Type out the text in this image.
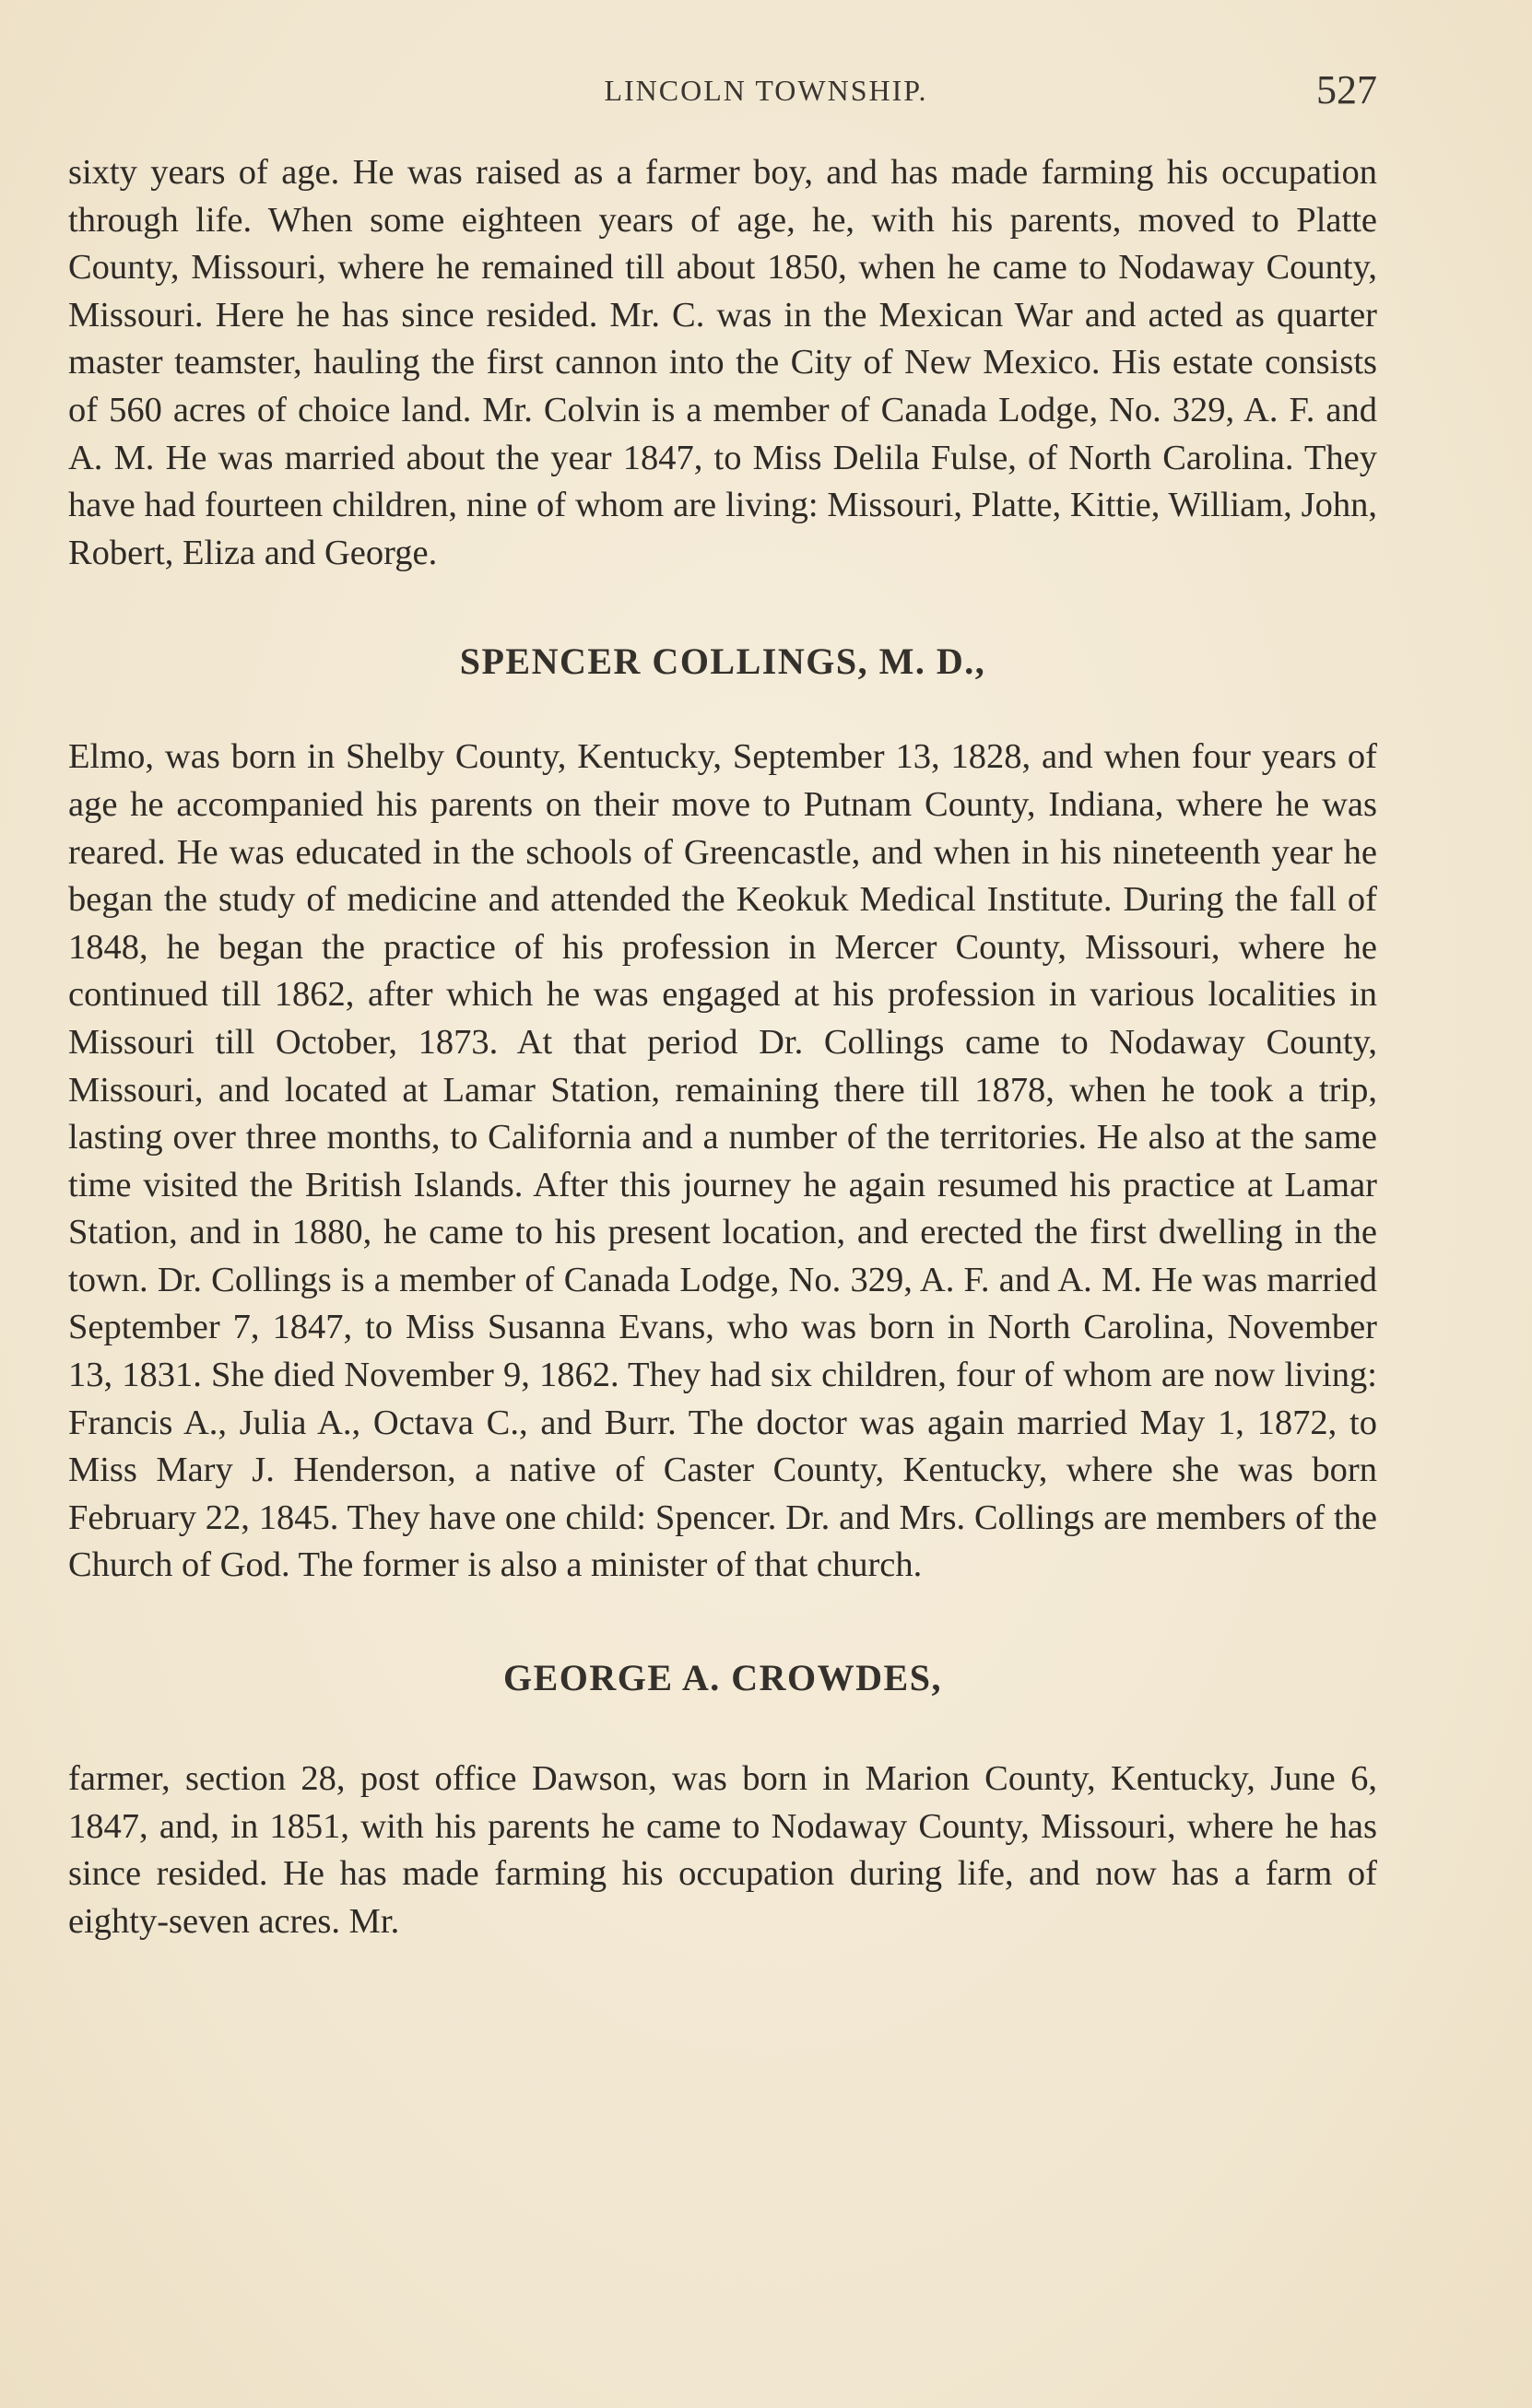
LINCOLN TOWNSHIP.	527

sixty years of age. He was raised as a farmer boy, and has made farming his occupation through life. When some eighteen years of age, he, with his parents, moved to Platte County, Missouri, where he remained till about 1850, when he came to Nodaway County, Missouri. Here he has since resided. Mr. C. was in the Mexican War and acted as quarter master teamster, hauling the first cannon into the City of New Mexico. His estate consists of 560 acres of choice land. Mr. Colvin is a member of Canada Lodge, No. 329, A. F. and A. M. He was married about the year 1847, to Miss Delila Fulse, of North Carolina. They have had fourteen children, nine of whom are living: Missouri, Platte, Kittie, William, John, Robert, Eliza and George.

SPENCER COLLINGS, M. D.,

Elmo, was born in Shelby County, Kentucky, September 13, 1828, and when four years of age he accompanied his parents on their move to Putnam County, Indiana, where he was reared. He was educated in the schools of Greencastle, and when in his nineteenth year he began the study of medicine and attended the Keokuk Medical Institute. During the fall of 1848, he began the practice of his profession in Mercer County, Missouri, where he continued till 1862, after which he was engaged at his profession in various localities in Missouri till October, 1873. At that period Dr. Collings came to Nodaway County, Missouri, and located at Lamar Station, remaining there till 1878, when he took a trip, lasting over three months, to California and a number of the territories. He also at the same time visited the British Islands. After this journey he again resumed his practice at Lamar Station, and in 1880, he came to his present location, and erected the first dwelling in the town. Dr. Collings is a member of Canada Lodge, No. 329, A. F. and A. M. He was married September 7, 1847, to Miss Susanna Evans, who was born in North Carolina, November 13, 1831. She died November 9, 1862. They had six children, four of whom are now living: Francis A., Julia A., Octava C., and Burr. The doctor was again married May 1, 1872, to Miss Mary J. Henderson, a native of Caster County, Kentucky, where she was born February 22, 1845. They have one child: Spencer. Dr. and Mrs. Collings are members of the Church of God. The former is also a minister of that church.

GEORGE A. CROWDES,

farmer, section 28, post office Dawson, was born in Marion County, Kentucky, June 6, 1847, and, in 1851, with his parents he came to Nodaway County, Missouri, where he has since resided. He has made farming his occupation during life, and now has a farm of eighty-seven acres. Mr.
